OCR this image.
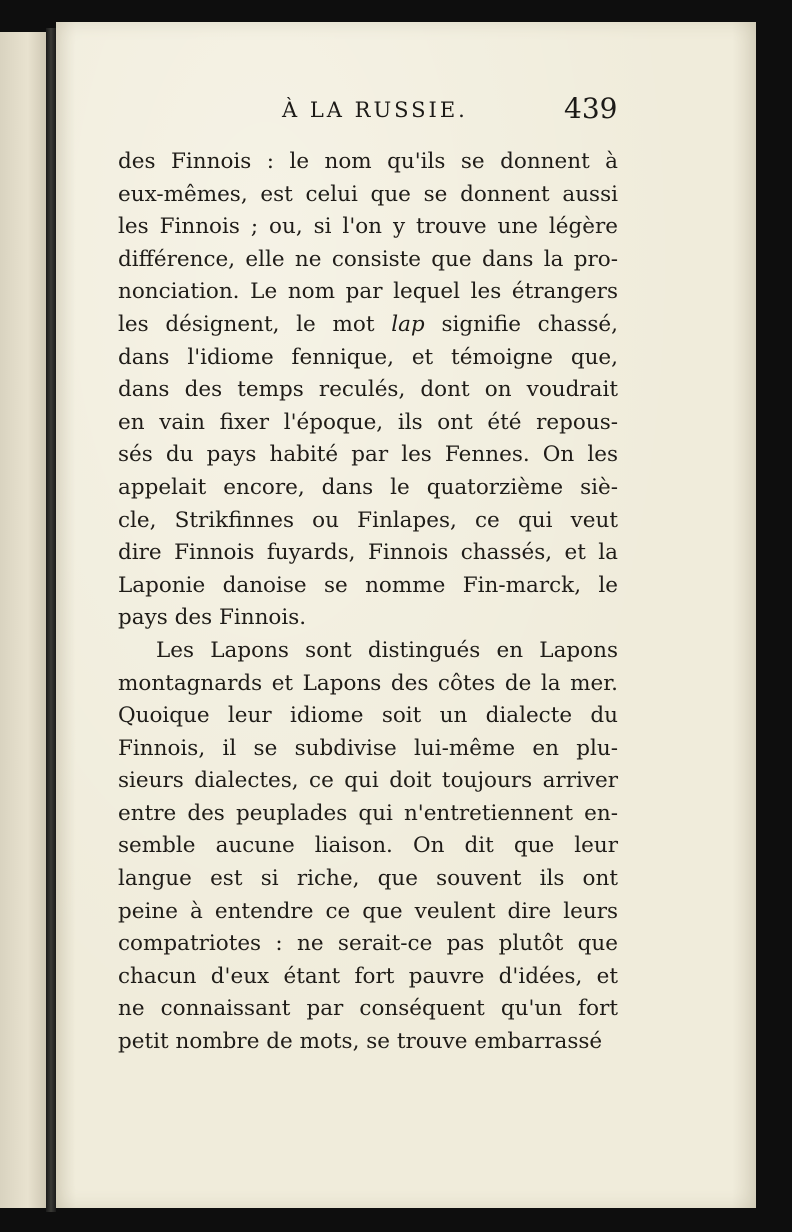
À LA RUSSIE.	439
des Finnois : le nom qu'ils se donnent à
eux-mêmes, est celui que se donnent aussi
les Finnois ; ou, si l'on y trouve une légère
différence, elle ne consiste que dans la pro-
nonciation. Le nom par lequel les étrangers
les désignent, le mot lap signifie chassé,
dans l'idiome fennique, et témoigne que,
dans des temps reculés, dont on voudrait
en vain fixer l'époque, ils ont été repous-
sés du pays habité par les Fennes. On les
appelait encore, dans le quatorzième siè-
cle, Strikfinnes ou Finlapes, ce qui veut
dire Finnois fuyards, Finnois chassés, et la
Laponie danoise se nomme Fin-marck, le
pays des Finnois.
Les Lapons sont distingués en Lapons
montagnards et Lapons des côtes de la mer.
Quoique leur idiome soit un dialecte du
Finnois, il se subdivise lui-même en plu-
sieurs dialectes, ce qui doit toujours arriver
entre des peuplades qui n'entretiennent en-
semble aucune liaison. On dit que leur
langue est si riche, que souvent ils ont
peine à entendre ce que veulent dire leurs
compatriotes : ne serait-ce pas plutôt que
chacun d'eux étant fort pauvre d'idées, et
ne connaissant par conséquent qu'un fort
petit nombre de mots, se trouve embarrassé
